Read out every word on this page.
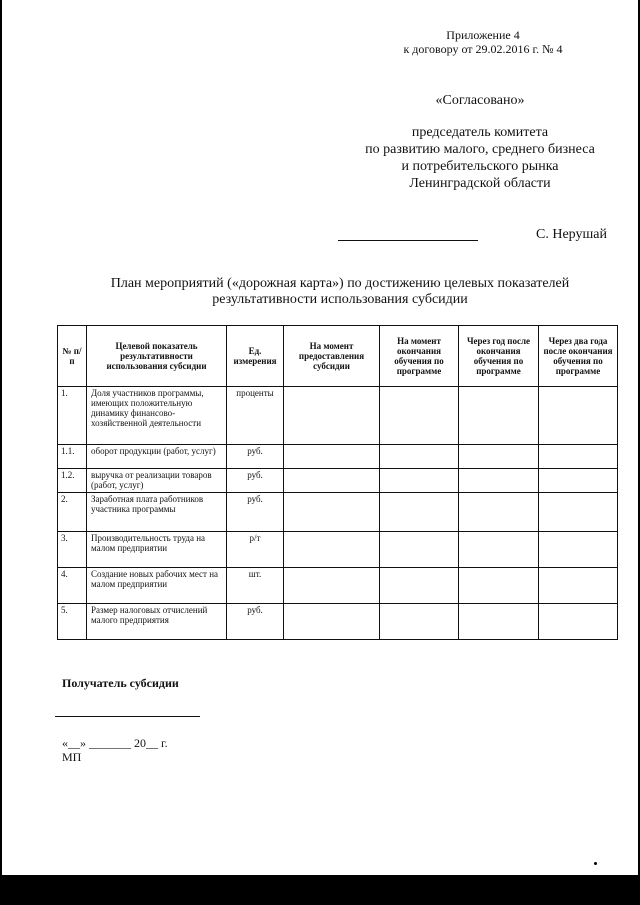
Приложение 4
к договору от 29.02.2016 г. № 4
«Согласовано»
председатель комитета
по развитию малого, среднего бизнеса
и потребительского рынка
Ленинградской области
С. Нерушай
План мероприятий («дорожная карта») по достижению целевых показателей
результативности использования субсидии
№ п/п	Целевой показатель результативности использования субсидии	Ед. измерения	На момент предоставления субсидии	На момент окончания обучения по программе	Через год после окончания обучения по программе	Через два года после окончания обучения по программе
1.	Доля участников программы, имеющих положительную динамику финансово-хозяйственной деятельности	проценты				
1.1.	оборот продукции (работ, услуг)	руб.				
1.2.	выручка от реализации товаров (работ, услуг)	руб.				
2.	Заработная плата работников участника программы	руб.				
3.	Производительность труда на малом предприятии	р/т				
4.	Создание новых рабочих мест на малом предприятии	шт.				
5.	Размер налоговых отчислений малого предприятия	руб.				
Получатель субсидии
«__» _______ 20__ г.
МП
